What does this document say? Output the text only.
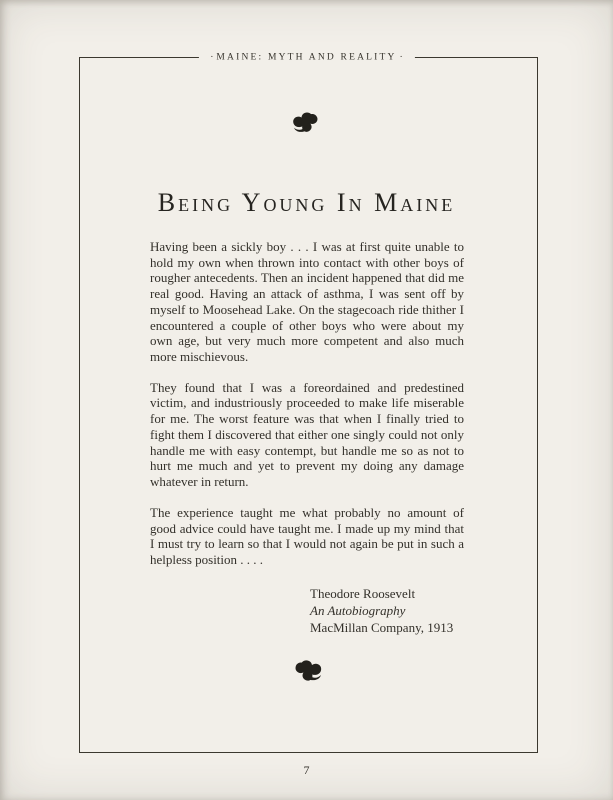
· MAINE: MYTH AND REALITY ·
Being Young In Maine

Having been a sickly boy . . . I was at first quite unable to hold my own when thrown into contact with other boys of rougher antecedents. Then an incident happened that did me real good. Having an attack of asthma, I was sent off by myself to Moosehead Lake. On the stagecoach ride thither I encountered a couple of other boys who were about my own age, but very much more competent and also much more mischievous.

They found that I was a foreordained and predestined victim, and industriously proceeded to make life miserable for me. The worst feature was that when I finally tried to fight them I discovered that either one singly could not only handle me with easy contempt, but handle me so as not to hurt me much and yet to prevent my doing any damage whatever in return.

The experience taught me what probably no amount of good advice could have taught me. I made up my mind that I must try to learn so that I would not again be put in such a helpless position . . . .

Theodore Roosevelt
An Autobiography
MacMillan Company, 1913
7
